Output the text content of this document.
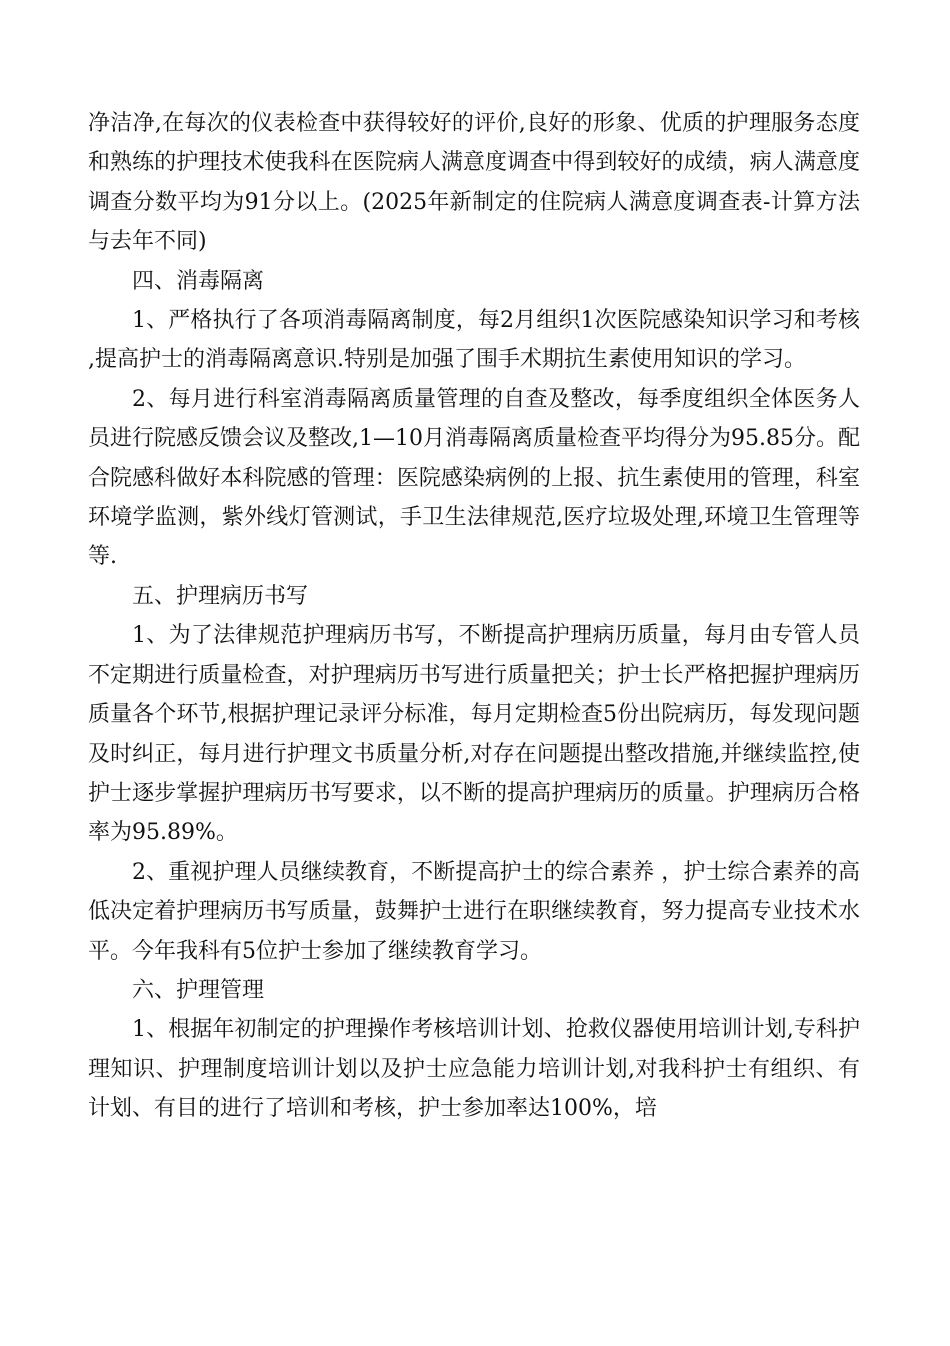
净洁净,在每次的仪表检查中获得较好的评价,良好的形象、优质的护理服务态度和熟练的护理技术使我科在医院病人满意度调查中得到较好的成绩，病人满意度调查分数平均为91分以上。(2025年新制定的住院病人满意度调查表-计算方法与去年不同)

四、消毒隔离

1、严格执行了各项消毒隔离制度，每2月组织1次医院感染知识学习和考核,提高护士的消毒隔离意识.特别是加强了围手术期抗生素使用知识的学习。

2、每月进行科室消毒隔离质量管理的自查及整改，每季度组织全体医务人员进行院感反馈会议及整改,1—10月消毒隔离质量检查平均得分为95.85分。配合院感科做好本科院感的管理：医院感染病例的上报、抗生素使用的管理，科室环境学监测，紫外线灯管测试，手卫生法律规范,医疗垃圾处理,环境卫生管理等等.

五、护理病历书写

1、为了法律规范护理病历书写，不断提高护理病历质量，每月由专管人员不定期进行质量检查，对护理病历书写进行质量把关；护士长严格把握护理病历质量各个环节,根据护理记录评分标准，每月定期检查5份出院病历，每发现问题及时纠正，每月进行护理文书质量分析,对存在问题提出整改措施,并继续监控,使护士逐步掌握护理病历书写要求，以不断的提高护理病历的质量。护理病历合格率为95.89%。

2、重视护理人员继续教育，不断提高护士的综合素养 ，护士综合素养的高低决定着护理病历书写质量，鼓舞护士进行在职继续教育，努力提高专业技术水平。今年我科有5位护士参加了继续教育学习。

六、护理管理

1、根据年初制定的护理操作考核培训计划、抢救仪器使用培训计划,专科护理知识、护理制度培训计划以及护士应急能力培训计划,对我科护士有组织、有计划、有目的进行了培训和考核，护士参加率达100%，培
